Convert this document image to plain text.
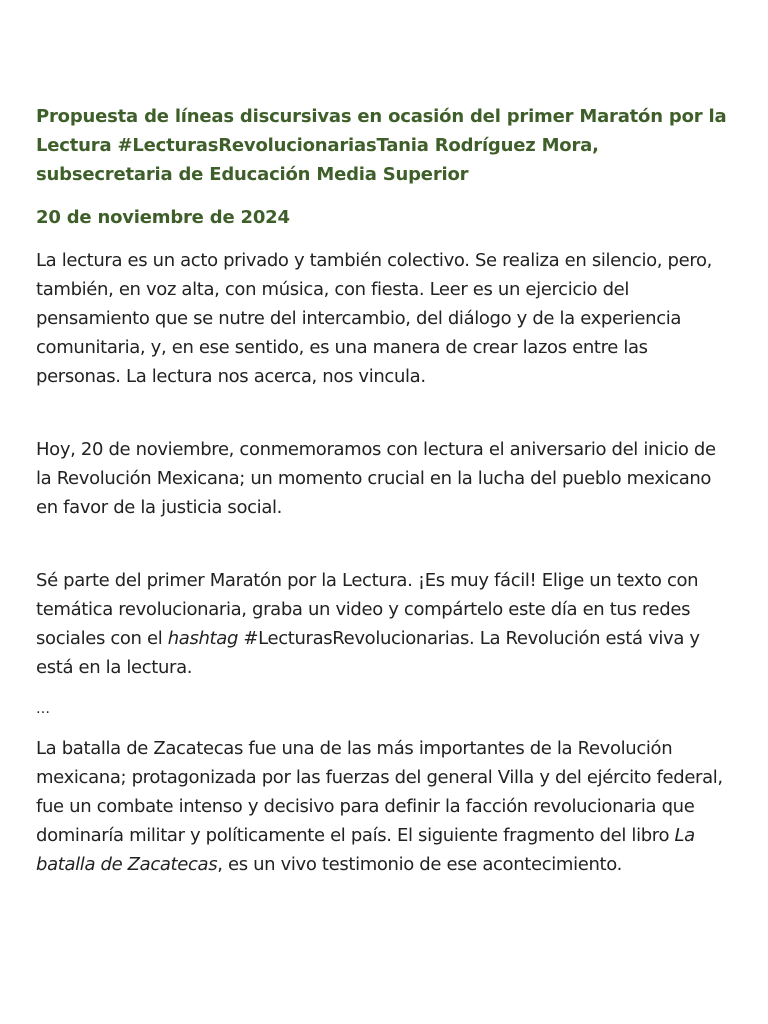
Propuesta de líneas discursivas en ocasión del primer Maratón por la Lectura #LecturasRevolucionariasTania Rodríguez Mora, subsecretaria de Educación Media Superior
20 de noviembre de 2024

La lectura es un acto privado y también colectivo. Se realiza en silencio, pero, también, en voz alta, con música, con fiesta. Leer es un ejercicio del pensamiento que se nutre del intercambio, del diálogo y de la experiencia comunitaria, y, en ese sentido, es una manera de crear lazos entre las personas. La lectura nos acerca, nos vincula.

Hoy, 20 de noviembre, conmemoramos con lectura el aniversario del inicio de la Revolución Mexicana; un momento crucial en la lucha del pueblo mexicano en favor de la justicia social.

Sé parte del primer Maratón por la Lectura. ¡Es muy fácil! Elige un texto con temática revolucionaria, graba un video y compártelo este día en tus redes sociales con el hashtag #LecturasRevolucionarias. La Revolución está viva y está en la lectura.

…

La batalla de Zacatecas fue una de las más importantes de la Revolución mexicana; protagonizada por las fuerzas del general Villa y del ejército federal, fue un combate intenso y decisivo para definir la facción revolucionaria que dominaría militar y políticamente el país. El siguiente fragmento del libro La batalla de Zacatecas, es un vivo testimonio de ese acontecimiento.
